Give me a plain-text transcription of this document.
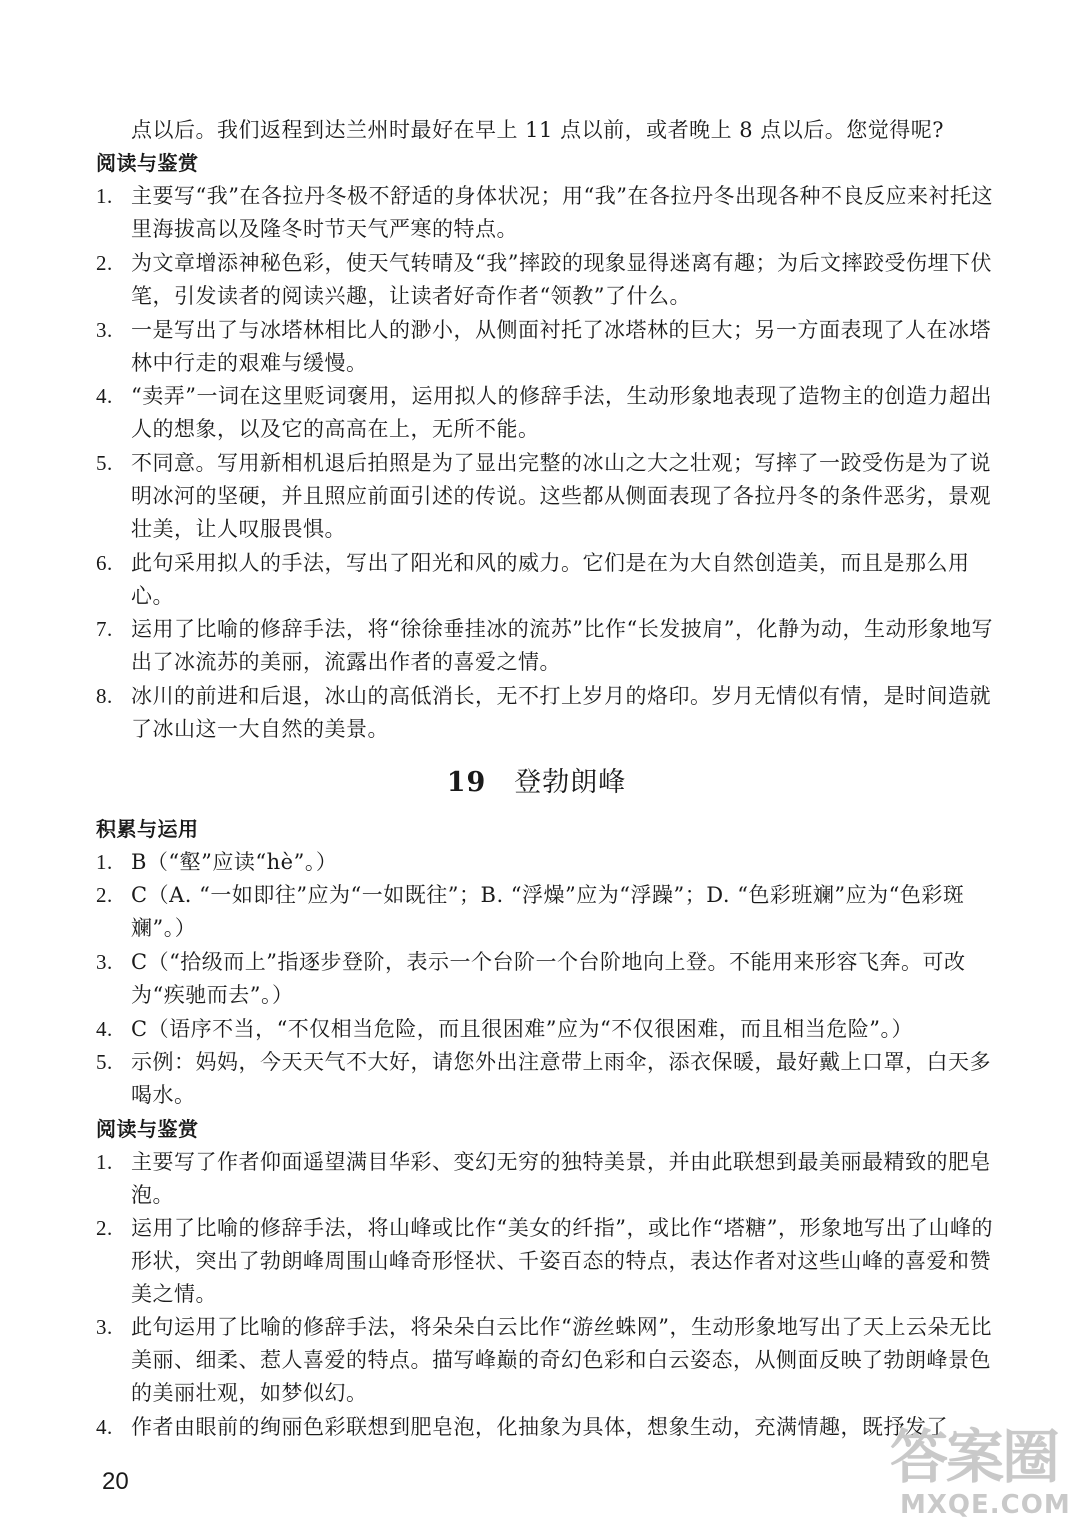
点以后。我们返程到达兰州时最好在早上 11 点以前，或者晚上 8 点以后。您觉得呢?
阅读与鉴赏
1. 主要写“我”在各拉丹冬极不舒适的身体状况；用“我”在各拉丹冬出现各种不良反应来衬托这里海拔高以及隆冬时节天气严寒的特点。
2. 为文章增添神秘色彩，使天气转晴及“我”摔跤的现象显得迷离有趣；为后文摔跤受伤埋下伏笔，引发读者的阅读兴趣，让读者好奇作者“领教”了什么。
3. 一是写出了与冰塔林相比人的渺小，从侧面衬托了冰塔林的巨大；另一方面表现了人在冰塔林中行走的艰难与缓慢。
4. “卖弄”一词在这里贬词褒用，运用拟人的修辞手法，生动形象地表现了造物主的创造力超出人的想象，以及它的高高在上，无所不能。
5. 不同意。写用新相机退后拍照是为了显出完整的冰山之大之壮观；写摔了一跤受伤是为了说明冰河的坚硬，并且照应前面引述的传说。这些都从侧面表现了各拉丹冬的条件恶劣，景观壮美，让人叹服畏惧。
6. 此句采用拟人的手法，写出了阳光和风的威力。它们是在为大自然创造美，而且是那么用心。
7. 运用了比喻的修辞手法，将“徐徐垂挂冰的流苏”比作“长发披肩”，化静为动，生动形象地写出了冰流苏的美丽，流露出作者的喜爱之情。
8. 冰川的前进和后退，冰山的高低消长，无不打上岁月的烙印。岁月无情似有情，是时间造就了冰山这一大自然的美景。
19 登勃朗峰
积累与运用
1. B（“壑”应读“hè”。）
2. C（A. “一如即往”应为“一如既往”；B. “浮燥”应为“浮躁”；D. “色彩班斓”应为“色彩斑斓”。）
3. C（“拾级而上”指逐步登阶，表示一个台阶一个台阶地向上登。不能用来形容飞奔。可改为“疾驰而去”。）
4. C（语序不当，“不仅相当危险，而且很困难”应为“不仅很困难，而且相当危险”。）
5. 示例：妈妈，今天天气不大好，请您外出注意带上雨伞，添衣保暖，最好戴上口罩，白天多喝水。
阅读与鉴赏
1. 主要写了作者仰面遥望满目华彩、变幻无穷的独特美景，并由此联想到最美丽最精致的肥皂泡。
2. 运用了比喻的修辞手法，将山峰或比作“美女的纤指”，或比作“塔糖”，形象地写出了山峰的形状，突出了勃朗峰周围山峰奇形怪状、千姿百态的特点，表达作者对这些山峰的喜爱和赞美之情。
3. 此句运用了比喻的修辞手法，将朵朵白云比作“游丝蛛网”，生动形象地写出了天上云朵无比美丽、细柔、惹人喜爱的特点。描写峰巅的奇幻色彩和白云姿态，从侧面反映了勃朗峰景色的美丽壮观，如梦似幻。
4. 作者由眼前的绚丽色彩联想到肥皂泡，化抽象为具体，想象生动，充满情趣，既抒发了
20	答案圈
MXQE.COM
